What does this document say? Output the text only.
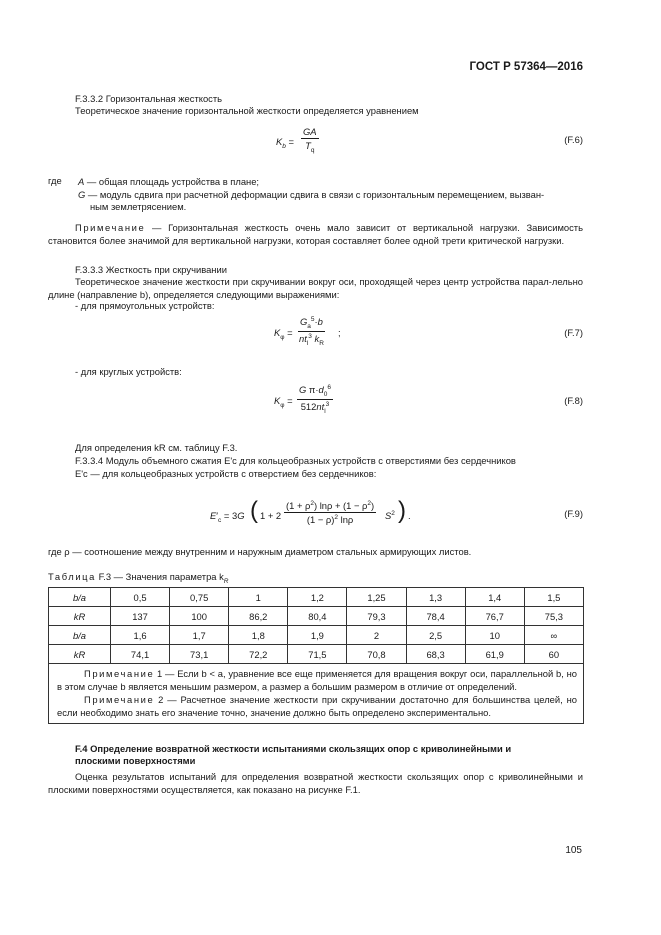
ГОСТ Р 57364—2016
F.3.3.2 Горизонтальная жесткость
Теоретическое значение горизонтальной жесткости определяется уравнением
$K_b = \frac{GA}{T_q}$	(F.6)
где A — общая площадь устройства в плане;
G — модуль сдвига при расчетной деформации сдвига в связи с горизонтальным перемещением, вызван-
ным землетрясением.
Примечание — Горизонтальная жесткость очень мало зависит от вертикальной нагрузки. Зависимость становится более значимой для вертикальной нагрузки, которая составляет более одной трети критической нагрузки.
F.3.3.3 Жесткость при скручивании
Теоретическое значение жесткости при скручивании вокруг оси, проходящей через центр устройства парал-лельно длине (направление b), определяется следующими выражениями:
- для прямоугольных устройств:
$K_\varphi$ =
$G_a^5\cdot b$
$nt_l^3$ $k_R$
;	(F.7)
- для круглых устройств:
$K_\varphi$ =
G $\pi\cdot d_0^6$
$512nt_l^3$	(F.8)
Для определения kR см. таблицу F.3.
F.3.3.4 Модуль объемного сжатия E'c для кольцеобразных устройств с отверстиями без сердечников
E'c — для кольцеобразных устройств с отверстием без сердечников:
$E'_c = 3G$ ( $1 + 2 \frac{(1 + \rho^2) \ln\rho + (1 - \rho^2)}{(1 - \rho)^2 \ln\rho} S^2$ ) .	(F.9)
где ρ — соотношение между внутренним и наружным диаметром стальных армирующих листов.
Таблица F.3 — Значения параметра $k_R$
b/a	0,5	0,75	1	1,2	1,25	1,3	1,4	1,5
kR	137	100	86,2	80,4	79,3	78,4	76,7	75,3
b/a	1,6	1,7	1,8	1,9	2	2,5	10	∞
kR	74,1	73,1	72,2	71,5	70,8	68,3	61,9	60

Примечание 1 — Если b < a, уравнение все еще применяется для вращения вокруг оси, параллельной b, но в этом случае b является меньшим размером, а размер a большим размером в отличие от определений.
Примечание 2 — Расчетное значение жесткости при скручивании достаточно для большинства целей, но если необходимо знать его значение точно, значение должно быть определено экспериментально.								
F.4 Определение возвратной жесткости испытаниями скользящих опор с криволинейными и плоскими поверхностями
Оценка результатов испытаний для определения возвратной жесткости скользящих опор с криволинейными и плоскими поверхностями осуществляется, как показано на рисунке F.1.
105
